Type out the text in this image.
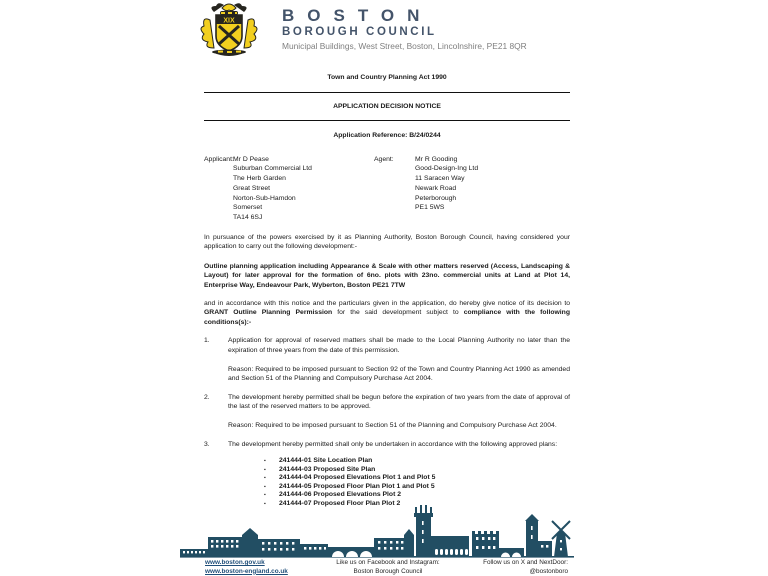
XIX	BOSTON
BOROUGH COUNCIL
Municipal Buildings, West Street, Boston, Lincolnshire, PE21 8QR
Town and Country Planning Act 1990
APPLICATION DECISION NOTICE
Application Reference: B/24/0244
Applicant: Mr D Pease
Suburban Commercial Ltd
The Herb Garden
Great Street
Norton-Sub-Hamdon
Somerset
TA14 6SJ
Agent:	Mr R Gooding
Good-Design-Ing Ltd
11 Saracen Way
Newark Road
Peterborough
PE1 5WS

In pursuance of the powers exercised by it as Planning Authority, Boston Borough Council, having considered your application to carry out the following development:-

Outline planning application including Appearance & Scale with other matters reserved (Access, Landscaping & Layout) for later approval for the formation of 6no. plots with 23no. commercial units at Land at Plot 14, Enterprise Way, Endeavour Park, Wyberton, Boston PE21 7TW

and in accordance with this notice and the particulars given in the application, do hereby give notice of its decision to GRANT Outline Planning Permission for the said development subject to compliance with the following conditions(s):-

1.	Application for approval of reserved matters shall be made to the Local Planning Authority no later than the expiration of three years from the date of this permission.

Reason: Required to be imposed pursuant to Section 92 of the Town and Country Planning Act 1990 as amended and Section 51 of the Planning and Compulsory Purchase Act 2004.

2.	The development hereby permitted shall be begun before the expiration of two years from the date of approval of the last of the reserved matters to be approved.

Reason: Required to be imposed pursuant to Section 51 of the Planning and Compulsory Purchase Act 2004.

3.	The development hereby permitted shall only be undertaken in accordance with the following approved plans:

▪ 241444-01 Site Location Plan
▪ 241444-03 Proposed Site Plan
▪ 241444-04 Proposed Elevations Plot 1 and Plot 5
▪ 241444-05 Proposed Floor Plan Plot 1 and Plot 5
▪ 241444-06 Proposed Elevations Plot 2
▪ 241444-07 Proposed Floor Plan Plot 2
www.boston.gov.uk
www.boston-england.co.uk
Like us on Facebook and Instagram:
Boston Borough Council
Follow us on X and NextDoor:
@bostonboro
